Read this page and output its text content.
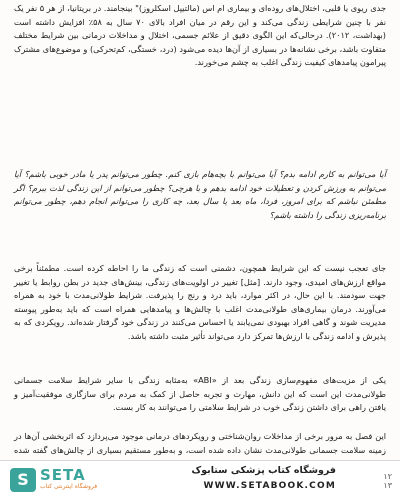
جدی ریوی یا قلبی، اختلال‌های روده‌ای و بیماری ام اس (مالتیپل اسکلروز)" بینجامند. در بریتانیا، از هر ۵ نفر یک نفر با چنین شرایطی زندگی می‌کند و این رقم در میان افراد بالای ۷۰ سال به ۵۸٪ افزایش داشته است (بهداشت، ۲۰۱۲). درحالی‌که این الگوی دقیق از علائم جسمی، اختلال و مداخلات درمانی بین شرایط مختلف متفاوت باشد، برخی نشانه‌ها در بسیاری از آن‌ها دیده می‌شود (درد، خستگی، کم‌تحرکی) و موضوع‌های مشترک پیرامون پیامدهای کیفیت زندگی اغلب به چشم می‌خورند.

آیا می‌توانم به کارم ادامه بدم؟ آیا می‌توانم با بچه‌هام بازی کنم. چطور می‌توانم پدر یا مادر خوبی باشم؟ آیا می‌توانم به ورزش کردن و تعطیلات خود ادامه بدهم و با هرچی؟ چطور می‌توانم از این زندگی لذت ببرم؟ اگر مطمئن نباشم که برای امروز، فردا، ماه بعد یا سال بعد، چه کاری را می‌توانم انجام دهم، چطور می‌توانم برنامه‌ریزی زندگی را داشته باشم؟

جای تعجب نیست که این شرایط همچون، دشمنی است که زندگی ما را احاطه کرده است. مطمئناً برخی مواقع ارزش‌های امیدی، وجود دارند. [مثل] تغییر در اولویت‌های زندگی، بینش‌های جدید در بطن روابط یا تغییر جهت سودمند. با این حال، در اکثر موارد، باید درد و رنج را پذیرفت. شرایط طولانی‌مدت با خود به همراه می‌آورند. درمان بیماری‌های طولانی‌مدت اغلب با چالش‌ها و پیامدهایی همراه است که باید به‌طور پیوسته مدیریت شوند و گاهی افراد بهبودی نمی‌یابند یا احساس می‌کنند در زندگی خود گرفتار شده‌اند. رویکردی که به پذیرش و ادامه زندگی با ارزش‌ها تمرکز دارد می‌تواند تأثیر مثبت داشته باشد.

یکی از مزیت‌های مفهوم‌سازی زندگی بعد از «ABI» به‌مثابه زندگی با سایر شرایط سلامت جسمانی طولانی‌مدت این است که این دانش، مهارت و تجربه حاصل از کمک به مردم برای سازگاری موفقیت‌آمیز و یافتن راهی برای داشتن زندگی خوب در شرایط سلامتی را می‌توانند به کار بست.

این فصل به مرور برخی از مداخلات روان‌شناختی و رویکردهای درمانی موجود می‌پردازد که اثربخشی آن‌ها در زمینه سلامت جسمانی طولانی‌مدت نشان داده شده است، و به‌طور مستقیم بسیاری از چالش‌های گفته شده

S SETA
فروشگاه اینترنتی کتاب
فروشگاه کتاب پزشکی ستابوک
WWW.SETABOOK.COM
۱۲
۱۳
